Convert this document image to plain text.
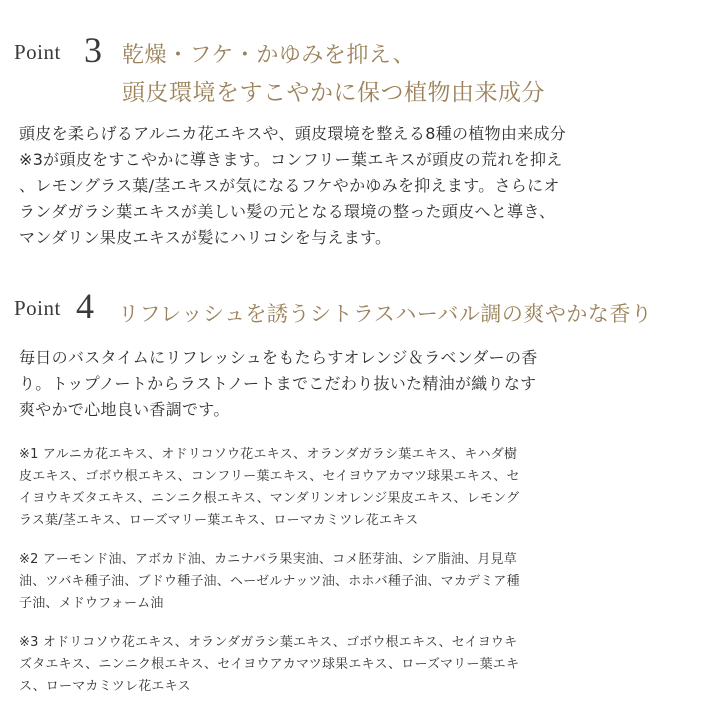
Point 3 乾燥・フケ・かゆみを抑え、
頭皮環境をすこやかに保つ植物由来成分
頭皮を柔らげるアルニカ花エキスや、頭皮環境を整える8種の植物由来成分
※3が頭皮をすこやかに導きます。コンフリー葉エキスが頭皮の荒れを抑え
、レモングラス葉/茎エキスが気になるフケやかゆみを抑えます。さらにオ
ランダガラシ葉エキスが美しい髪の元となる環境の整った頭皮へと導き、
マンダリン果皮エキスが髪にハリコシを与えます。
Point 4 リフレッシュを誘うシトラスハーバル調の爽やかな香り
毎日のバスタイムにリフレッシュをもたらすオレンジ＆ラベンダーの香
り。トップノートからラストノートまでこだわり抜いた精油が織りなす
爽やかで心地良い香調です。
※1 アルニカ花エキス、オドリコソウ花エキス、オランダガラシ葉エキス、キハダ樹
皮エキス、ゴボウ根エキス、コンフリー葉エキス、セイヨウアカマツ球果エキス、セ
イヨウキズタエキス、ニンニク根エキス、マンダリンオレンジ果皮エキス、レモング
ラス葉/茎エキス、ローズマリー葉エキス、ローマカミツレ花エキス
※2 アーモンド油、アボカド油、カニナバラ果実油、コメ胚芽油、シア脂油、月見草
油、ツバキ種子油、ブドウ種子油、ヘーゼルナッツ油、ホホバ種子油、マカデミア種
子油、メドウフォーム油
※3 オドリコソウ花エキス、オランダガラシ葉エキス、ゴボウ根エキス、セイヨウキ
ズタエキス、ニンニク根エキス、セイヨウアカマツ球果エキス、ローズマリー葉エキ
ス、ローマカミツレ花エキス
